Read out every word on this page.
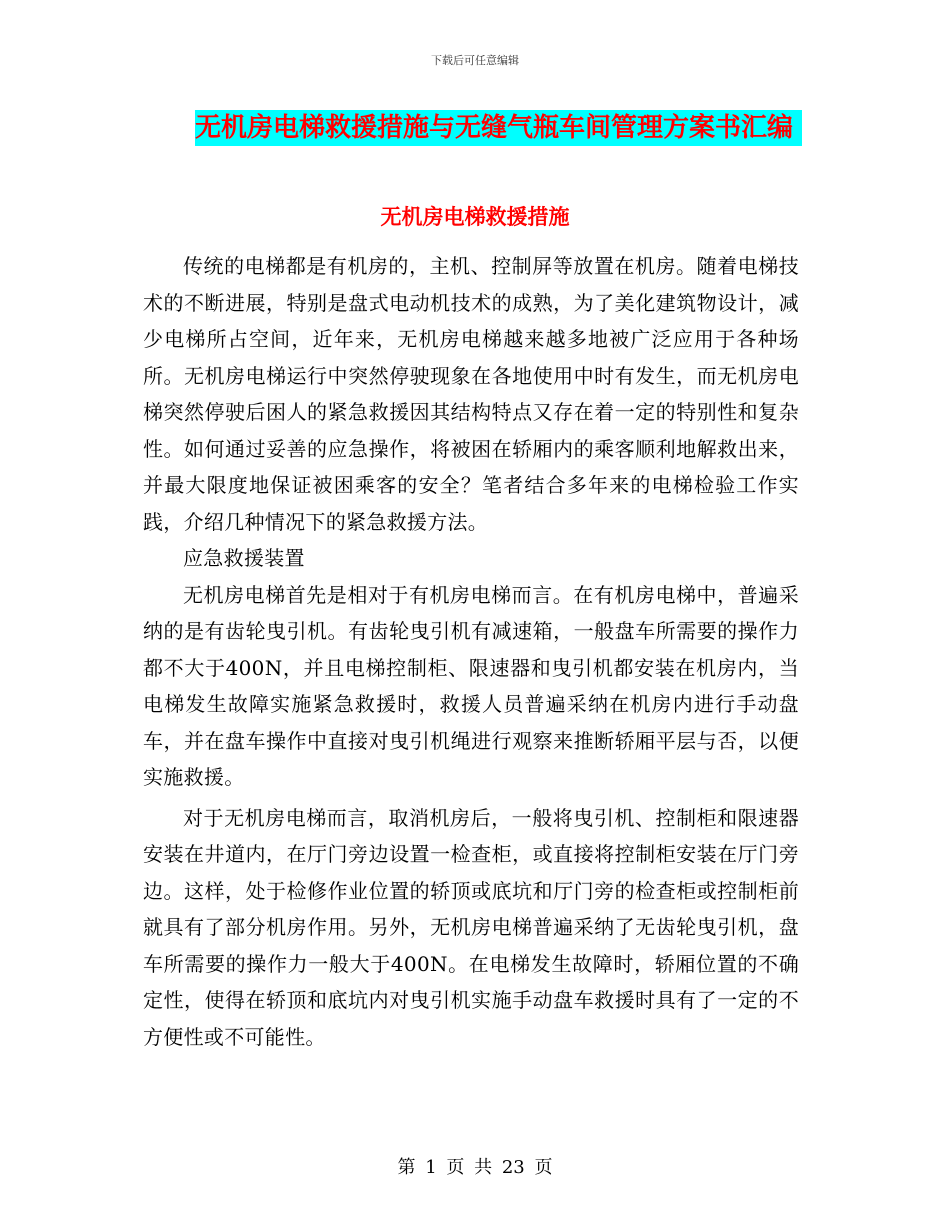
下载后可任意编辑
无机房电梯救援措施与无缝气瓶车间管理方案书汇编
无机房电梯救援措施

传统的电梯都是有机房的，主机、控制屏等放置在机房。随着电梯技术的不断进展，特别是盘式电动机技术的成熟，为了美化建筑物设计，减少电梯所占空间，近年来，无机房电梯越来越多地被广泛应用于各种场所。无机房电梯运行中突然停驶现象在各地使用中时有发生，而无机房电梯突然停驶后困人的紧急救援因其结构特点又存在着一定的特别性和复杂性。如何通过妥善的应急操作，将被困在轿厢内的乘客顺利地解救出来，并最大限度地保证被困乘客的安全？笔者结合多年来的电梯检验工作实践，介绍几种情况下的紧急救援方法。

应急救援装置

无机房电梯首先是相对于有机房电梯而言。在有机房电梯中，普遍采纳的是有齿轮曳引机。有齿轮曳引机有减速箱，一般盘车所需要的操作力都不大于400N，并且电梯控制柜、限速器和曳引机都安装在机房内，当电梯发生故障实施紧急救援时，救援人员普遍采纳在机房内进行手动盘车，并在盘车操作中直接对曳引机绳进行观察来推断轿厢平层与否，以便实施救援。

对于无机房电梯而言，取消机房后，一般将曳引机、控制柜和限速器安装在井道内，在厅门旁边设置一检查柜，或直接将控制柜安装在厅门旁边。这样，处于检修作业位置的轿顶或底坑和厅门旁的检查柜或控制柜前就具有了部分机房作用。另外，无机房电梯普遍采纳了无齿轮曳引机，盘车所需要的操作力一般大于400N。在电梯发生故障时，轿厢位置的不确定性，使得在轿顶和底坑内对曳引机实施手动盘车救援时具有了一定的不方便性或不可能性。

第 1 页 共 23 页
